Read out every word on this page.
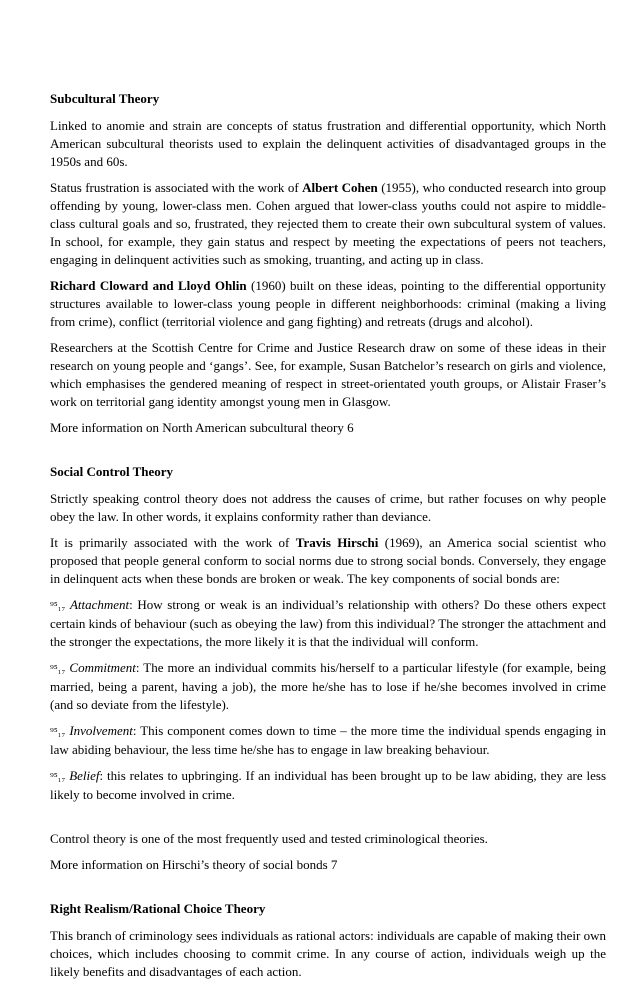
Subcultural Theory

Linked to anomie and strain are concepts of status frustration and differential opportunity, which North American subcultural theorists used to explain the delinquent activities of disadvantaged groups in the 1950s and 60s.

Status frustration is associated with the work of Albert Cohen (1955), who conducted research into group offending by young, lower-class men. Cohen argued that lower-class youths could not aspire to middle-class cultural goals and so, frustrated, they rejected them to create their own subcultural system of values. In school, for example, they gain status and respect by meeting the expectations of peers not teachers, engaging in delinquent activities such as smoking, truanting, and acting up in class.

Richard Cloward and Lloyd Ohlin (1960) built on these ideas, pointing to the differential opportunity structures available to lower-class young people in different neighborhoods: criminal (making a living from crime), conflict (territorial violence and gang fighting) and retreats (drugs and alcohol).

Researchers at the Scottish Centre for Crime and Justice Research draw on some of these ideas in their research on young people and ‘gangs’. See, for example, Susan Batchelor’s research on girls and violence, which emphasises the gendered meaning of respect in street-orientated youth groups, or Alistair Fraser’s work on territorial gang identity amongst young men in Glasgow.

More information on North American subcultural theory 6

Social Control Theory

Strictly speaking control theory does not address the causes of crime, but rather focuses on why people obey the law. In other words, it explains conformity rather than deviance.

It is primarily associated with the work of Travis Hirschi (1969), an America social scientist who proposed that people general conform to social norms due to strong social bonds. Conversely, they engage in delinquent acts when these bonds are broken or weak. The key components of social bonds are:

⁹⁵₁₇ Attachment: How strong or weak is an individual’s relationship with others? Do these others expect certain kinds of behaviour (such as obeying the law) from this individual? The stronger the attachment and the stronger the expectations, the more likely it is that the individual will conform.

⁹⁵₁₇ Commitment: The more an individual commits his/herself to a particular lifestyle (for example, being married, being a parent, having a job), the more he/she has to lose if he/she becomes involved in crime (and so deviate from the lifestyle).

⁹⁵₁₇ Involvement: This component comes down to time – the more time the individual spends engaging in law abiding behaviour, the less time he/she has to engage in law breaking behaviour.

⁹⁵₁₇ Belief: this relates to upbringing. If an individual has been brought up to be law abiding, they are less likely to become involved in crime.

Control theory is one of the most frequently used and tested criminological theories.

More information on Hirschi’s theory of social bonds 7

Right Realism/Rational Choice Theory

This branch of criminology sees individuals as rational actors: individuals are capable of making their own choices, which includes choosing to commit crime. In any course of action, individuals weigh up the likely benefits and disadvantages of each action.
